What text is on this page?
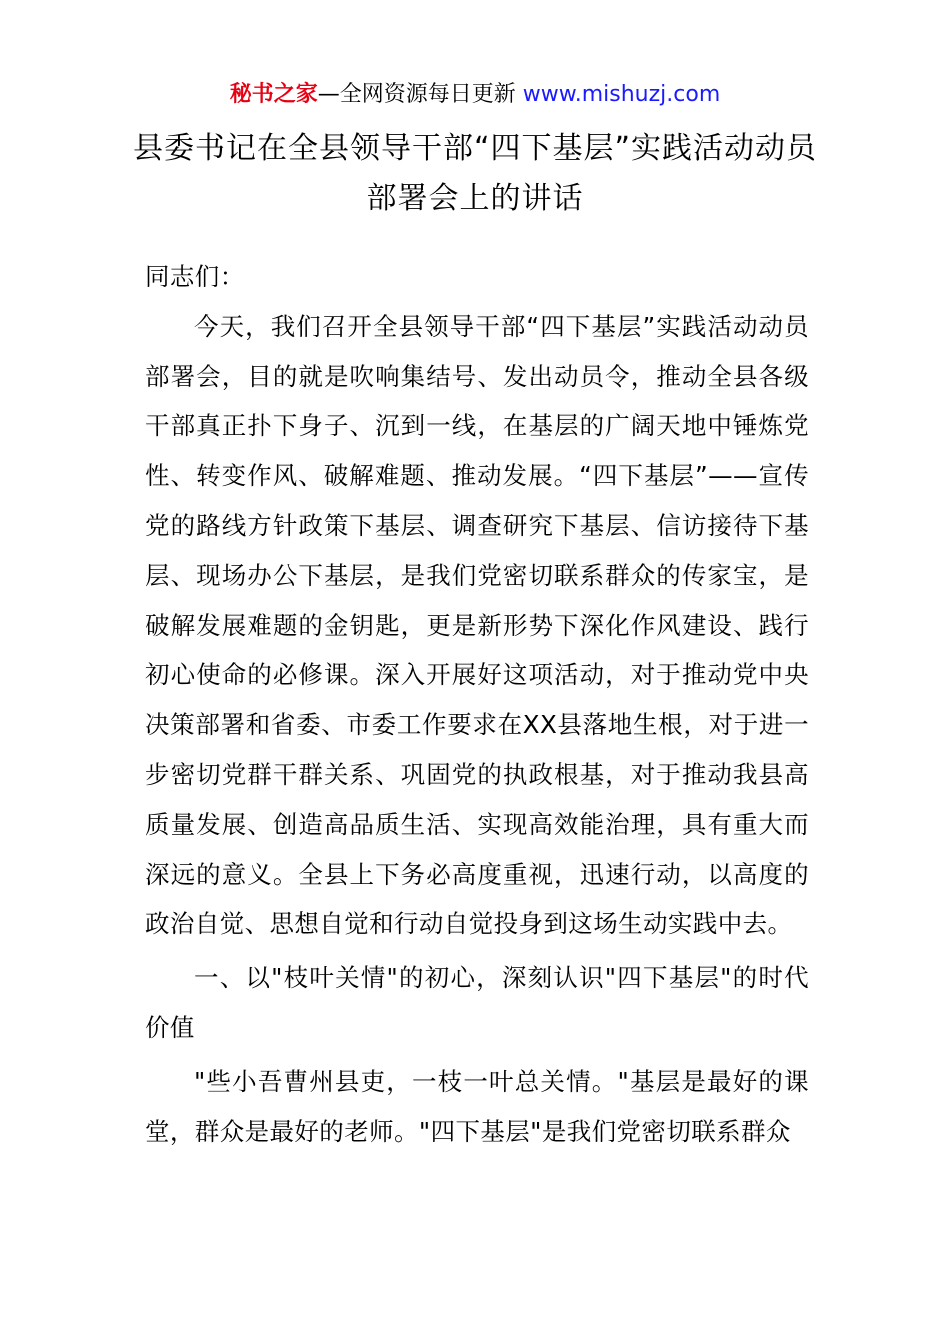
秘书之家—全网资源每日更新 www.mishuzj.com
县委书记在全县领导干部“四下基层”实践活动动员部署会上的讲话

同志们：

今天，我们召开全县领导干部“四下基层”实践活动动员部署会，目的就是吹响集结号、发出动员令，推动全县各级干部真正扑下身子、沉到一线，在基层的广阔天地中锤炼党性、转变作风、破解难题、推动发展。“四下基层”——宣传党的路线方针政策下基层、调查研究下基层、信访接待下基层、现场办公下基层，是我们党密切联系群众的传家宝，是破解发展难题的金钥匙，更是新形势下深化作风建设、践行初心使命的必修课。深入开展好这项活动，对于推动党中央决策部署和省委、市委工作要求在XX县落地生根，对于进一步密切党群干群关系、巩固党的执政根基，对于推动我县高质量发展、创造高品质生活、实现高效能治理，具有重大而深远的意义。全县上下务必高度重视，迅速行动，以高度的政治自觉、思想自觉和行动自觉投身到这场生动实践中去。

一、以"枝叶关情"的初心，深刻认识"四下基层"的时代价值

"些小吾曹州县吏，一枝一叶总关情。"基层是最好的课堂，群众是最好的老师。"四下基层"是我们党密切联系群众
